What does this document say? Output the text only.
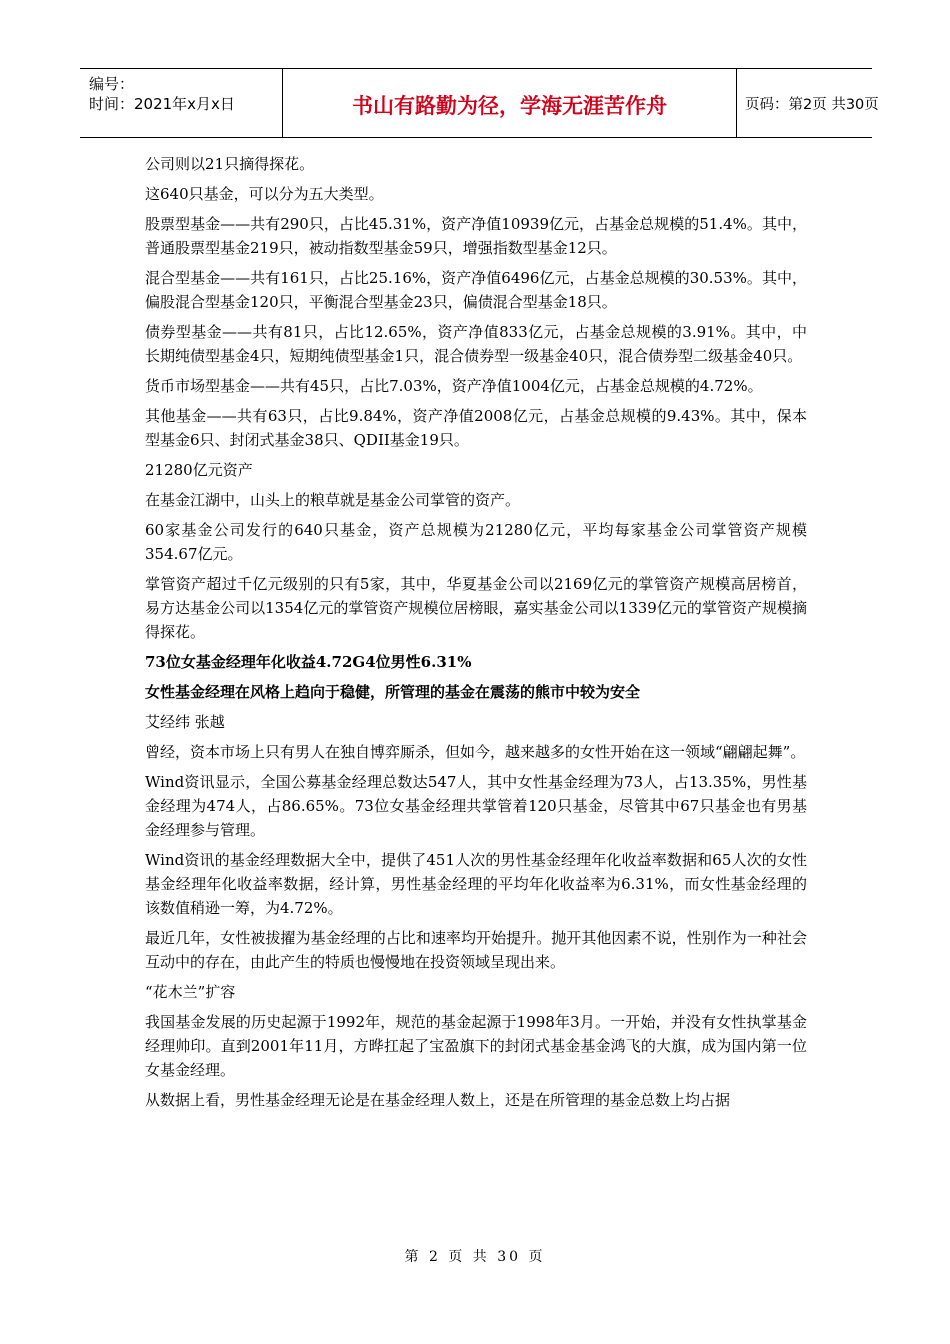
编号：
时间：2021年x月x日	书山有路勤为径，学海无涯苦作舟	页码：第2页 共30页

公司则以21只摘得探花。

这640只基金，可以分为五大类型。

股票型基金——共有290只，占比45.31%，资产净值10939亿元，占基金总规模的51.4%。其中，普通股票型基金219只，被动指数型基金59只，增强指数型基金12只。

混合型基金——共有161只，占比25.16%，资产净值6496亿元，占基金总规模的30.53%。其中，偏股混合型基金120只，平衡混合型基金23只，偏债混合型基金18只。

债券型基金——共有81只，占比12.65%，资产净值833亿元，占基金总规模的3.91%。其中，中长期纯债型基金4只，短期纯债型基金1只，混合债券型一级基金40只，混合债券型二级基金40只。

货币市场型基金——共有45只，占比7.03%，资产净值1004亿元，占基金总规模的4.72%。

其他基金——共有63只，占比9.84%，资产净值2008亿元，占基金总规模的9.43%。其中，保本型基金6只、封闭式基金38只、QDII基金19只。

21280亿元资产

在基金江湖中，山头上的粮草就是基金公司掌管的资产。

60家基金公司发行的640只基金，资产总规模为21280亿元，平均每家基金公司掌管资产规模354.67亿元。

掌管资产超过千亿元级别的只有5家，其中，华夏基金公司以2169亿元的掌管资产规模高居榜首，易方达基金公司以1354亿元的掌管资产规模位居榜眼，嘉实基金公司以1339亿元的掌管资产规模摘得探花。

73位女基金经理年化收益4.72G4位男性6.31%

女性基金经理在风格上趋向于稳健，所管理的基金在震荡的熊市中较为安全

艾经纬 张越

曾经，资本市场上只有男人在独自博弈厮杀，但如今，越来越多的女性开始在这一领域“翩翩起舞”。

Wind资讯显示，全国公募基金经理总数达547人，其中女性基金经理为73人，占13.35%，男性基金经理为474人，占86.65%。73位女基金经理共掌管着120只基金，尽管其中67只基金也有男基金经理参与管理。

Wind资讯的基金经理数据大全中，提供了451人次的男性基金经理年化收益率数据和65人次的女性基金经理年化收益率数据，经计算，男性基金经理的平均年化收益率为6.31%，而女性基金经理的该数值稍逊一筹，为4.72%。

最近几年，女性被拔擢为基金经理的占比和速率均开始提升。抛开其他因素不说，性别作为一种社会互动中的存在，由此产生的特质也慢慢地在投资领域呈现出来。

“花木兰”扩容

我国基金发展的历史起源于1992年，规范的基金起源于1998年3月。一开始，并没有女性执掌基金经理帅印。直到2001年11月，方晔扛起了宝盈旗下的封闭式基金基金鸿飞的大旗，成为国内第一位女基金经理。

从数据上看，男性基金经理无论是在基金经理人数上，还是在所管理的基金总数上均占据

第 2 页 共 30 页
